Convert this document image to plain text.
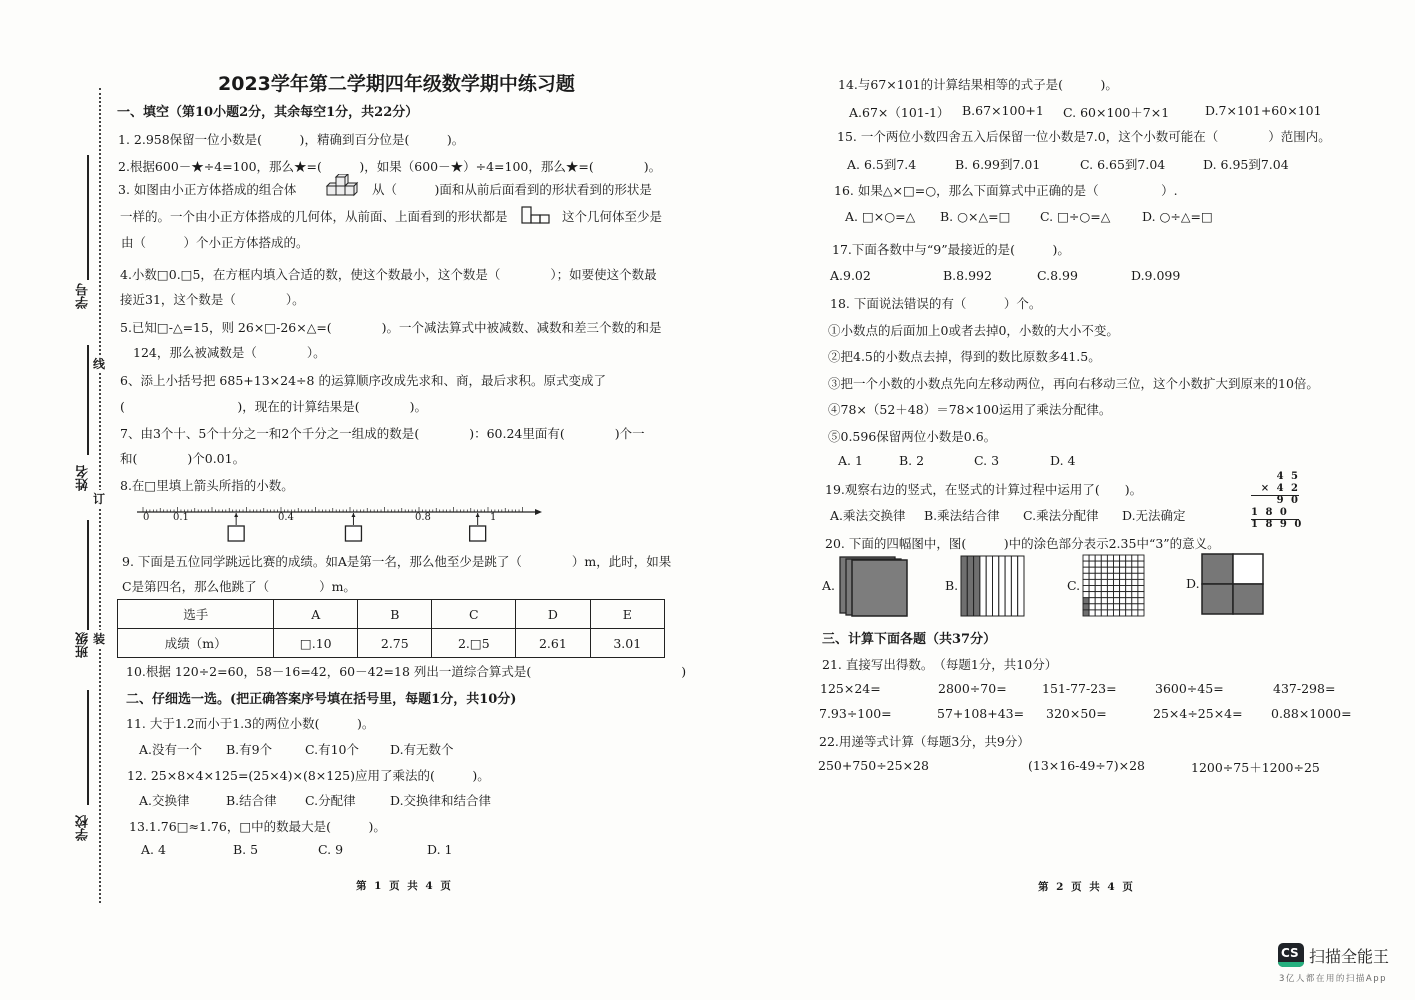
线
订
装
学号
姓名
班级
学校
2023学年第二学期四年级数学期中练习题
一、填空（第10小题2分，其余每空1分，共22分）
1. 2.958保留一位小数是(　　　)，精确到百分位是(　　　)。
2.根据600－★÷4=100，那么★=(　　　)，如果（600－★）÷4=100，那么★=(　　　　)。
3. 如图由小正方体搭成的组合体	从（　　　)面和从前后面看到的形状看到的形状是
一样的。一个由小正方体搭成的几何体，从前面、上面看到的形状都是	这个几何体至少是
由（　　　）个小正方体搭成的。
4.小数□0.□5，在方框内填入合适的数，使这个数最小，这个数是（　　　　）；如要使这个数最
接近31，这个数是（　　　　）。
5.已知□-△=15，则 26×□-26×△=(　　　　)。一个减法算式中被减数、减数和差三个数的和是
124，那么被减数是（　　　　）。
6、添上小括号把 685+13×24÷8 的运算顺序改成先求和、商，最后求积。原式变成了
(　　　　　　　　　)，现在的计算结果是(　　　　)。
7、由3个十、5个十分之一和2个千分之一组成的数是(　　　　)：60.24里面有(　　　　)个一
和(　　　　)个0.01。
8.在□里填上箭头所指的小数。
0 0.1	0.4	0.8	1
9. 下面是五位同学跳远比赛的成绩。如A是第一名，那么他至少是跳了（　　　　）m，此时，如果
C是第四名，那么他跳了（　　　　）m。
选手	A	B	C	D	E
成绩（m）	□.10	2.75	2.□5	2.61	3.01
10.根据 120÷2=60，58－16=42，60－42=18 列出一道综合算式是(　　　　　　　　　　　　)
二、仔细选一选。(把正确答案序号填在括号里，每题1分，共10分)
11. 大于1.2而小于1.3的两位小数(　　　)。
A.没有一个 B.有9个	C.有10个 D.有无数个
12. 25×8×4×125=(25×4)×(8×125)应用了乘法的(　　　)。
A.交换律	B.结合律 C.分配律	D.交换律和结合律
13.1.76□≈1.76，□中的数最大是(　　　)。
A. 4	B. 5	C. 9	D. 1
第 1 页 共 4 页
14.与67×101的计算结果相等的式子是(　　　)。
A.67×（101-1） B.67×100+1 C. 60×100＋7×1	D.7×101+60×101
15. 一个两位小数四舍五入后保留一位小数是7.0，这个小数可能在（　　　　）范围内。
A. 6.5到7.4	B. 6.99到7.01	C. 6.65到7.04	D. 6.95到7.04
16. 如果△×□=○，那么下面算式中正确的是（　　　　　）.
A. □×○=△ B. ○×△=□ C. □÷○=△	D. ○÷△=□
17.下面各数中与“9”最接近的是(　　　)。
A.9.02	B.8.992	C.8.99	D.9.099
18. 下面说法错误的有（　　　）个。
①小数点的后面加上0或者去掉0，小数的大小不变。
②把4.5的小数点去掉，得到的数比原数多41.5。
③把一个小数的小数点先向左移动两位，再向右移动三位，这个小数扩大到原来的10倍。
④78×（52＋48）＝78×100运用了乘法分配律。
⑤0.596保留两位小数是0.6。
A. 1	B. 2	C. 3	D. 4
19.观察右边的竖式，在竖式的计算过程中运用了(　　)。
A.乘法交换律 B.乘法结合律 C.乘法分配律 D.无法确定
4 5
× 4 2
9 0
1 8 0
1 8 9 0
20. 下面的四幅图中，图(　　　)中的涂色部分表示2.35中“3”的意义。
A.	B.	C.	D.
三、计算下面各题（共37分）
21. 直接写出得数。　（每题1分，共10分）
125×24=	2800÷70=	151-77-23=	3600÷45=	437-298=
7.93÷100=	57+108+43= 320×50=	25×4÷25×4= 0.88×1000=
22.用递等式计算（每题3分，共9分）
250+750÷25×28	(13×16-49÷7)×28	1200÷75＋1200÷25
第 2 页 共 4 页
CS 扫描全能王
3亿人都在用的扫描App
